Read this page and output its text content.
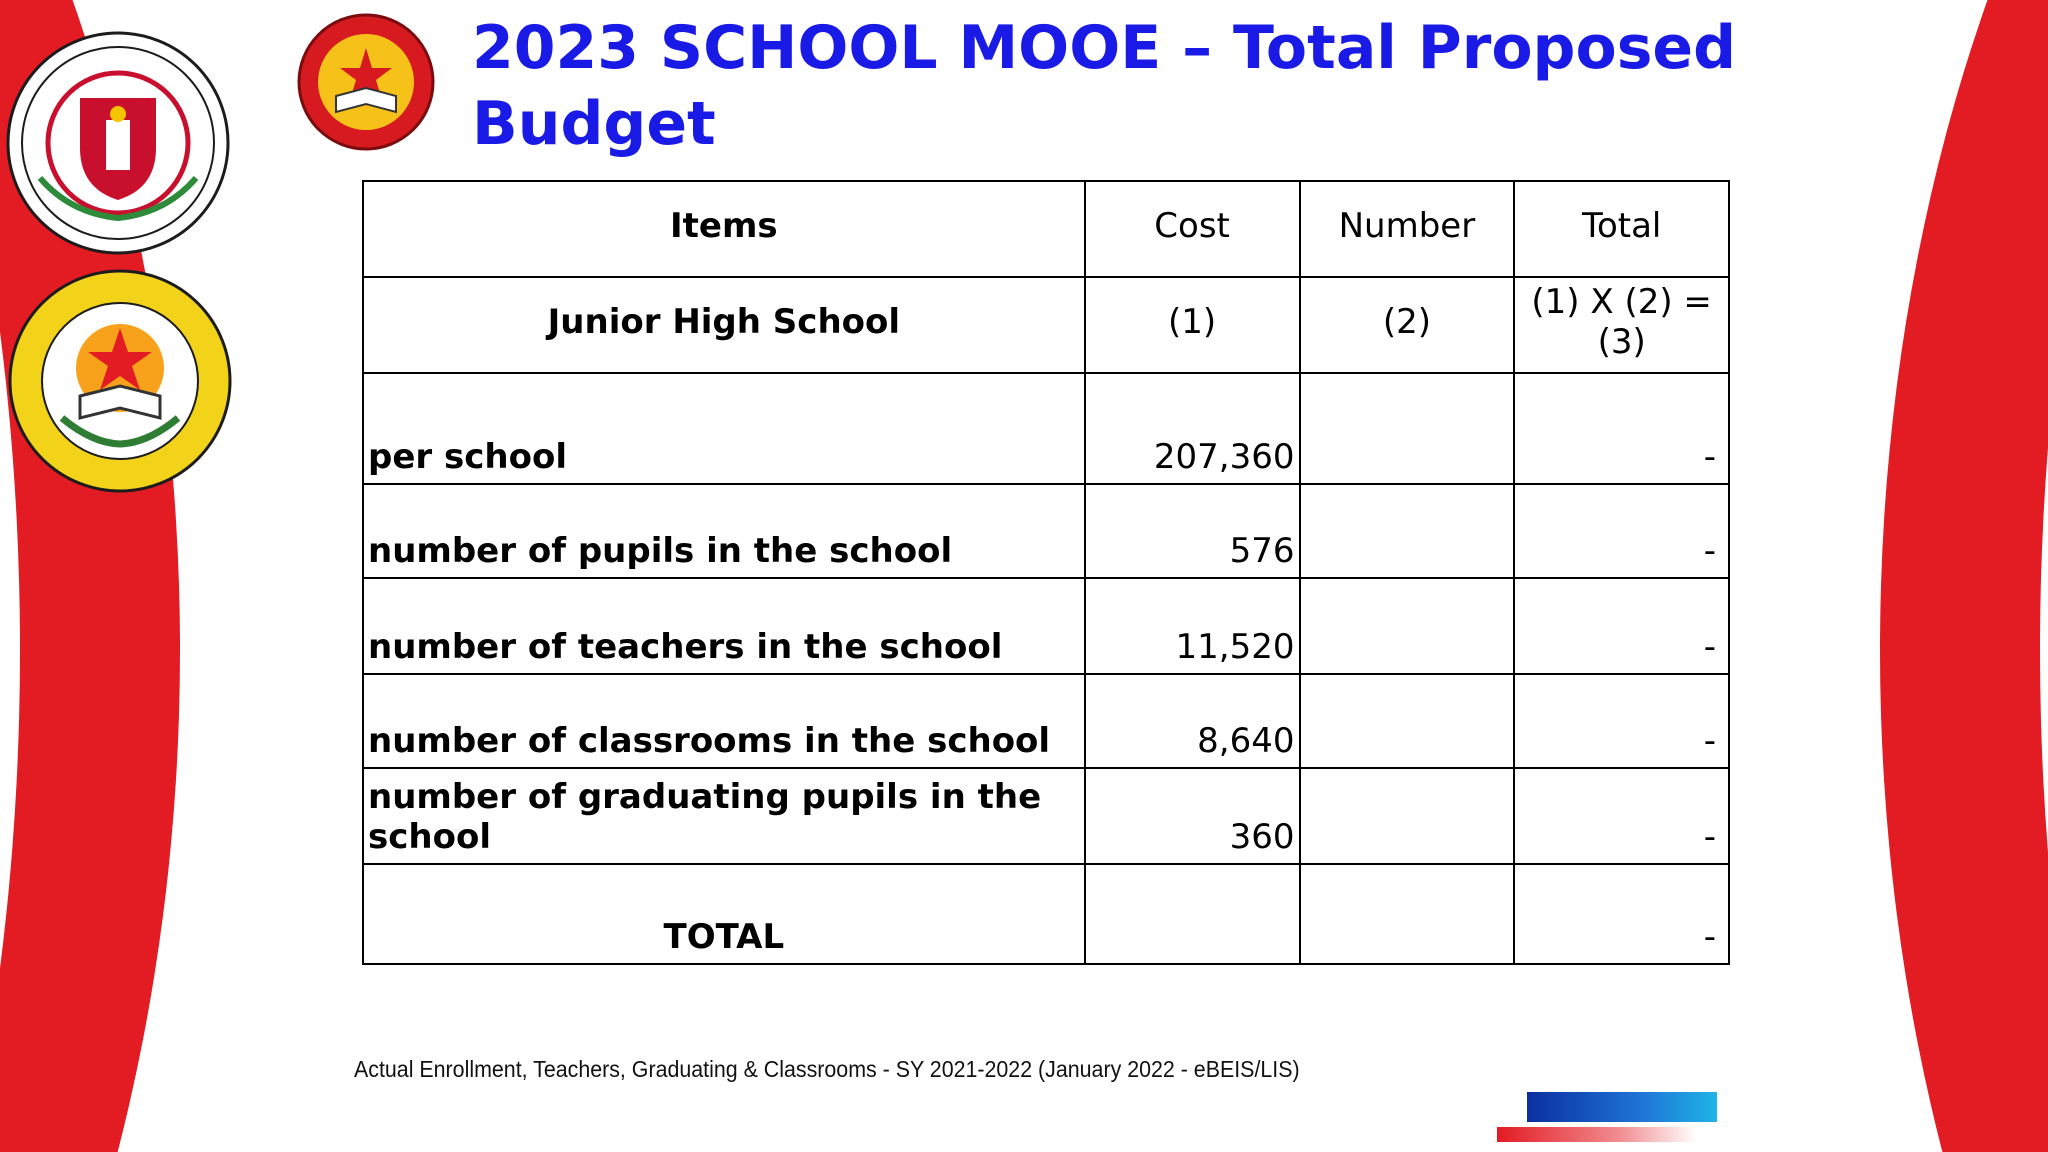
2023 SCHOOL MOOE – Total Proposed Budget
Items	Cost	Number	Total
Junior High School	(1)	(2)	(1) X (2) = (3)
per school	207,360		-
number of pupils in the school	576		-
number of teachers in the school	11,520		-
number of classrooms in the school	8,640		-
number of graduating pupils in the school	360		-
TOTAL			-
Actual Enrollment, Teachers, Graduating & Classrooms - SY 2021-2022 (January 2022 - eBEIS/LIS)
